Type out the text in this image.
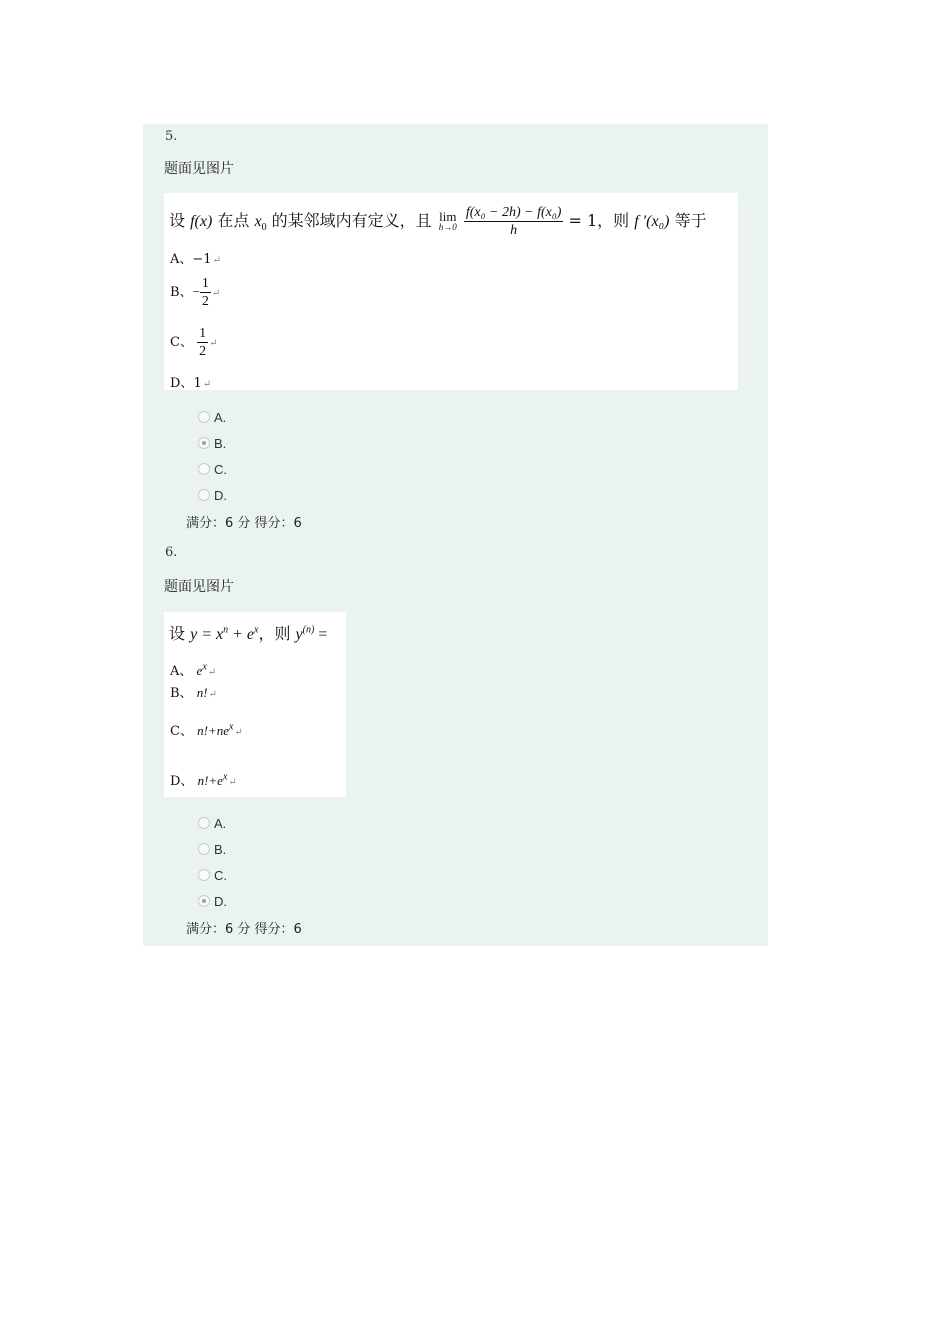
5.
题面见图片
设 f(x) 在点 $x_0$ 的某邻域内有定义，且 lim
h→0
$\frac{\text{f(x₀ − 2h) − f(x₀)}}{h} = 1$，则 f ′(x₀) 等于
A、−1↵
B、− $\frac{1}{2}$ ↵
C、 $\frac{1}{2}$ ↵
D、1↵
A.
B.
C.
D.
满分：6 分 得分：6
6.
题面见图片
设 $y = x^n + e^x$，则 $y^{(n)}$ =
A、 $e^x↵$
B、 n!↵
C、 $n!+ne^x↵$
D、 $n!+e^x↵$
A.
B.
C.
D.
满分：6 分 得分：6
